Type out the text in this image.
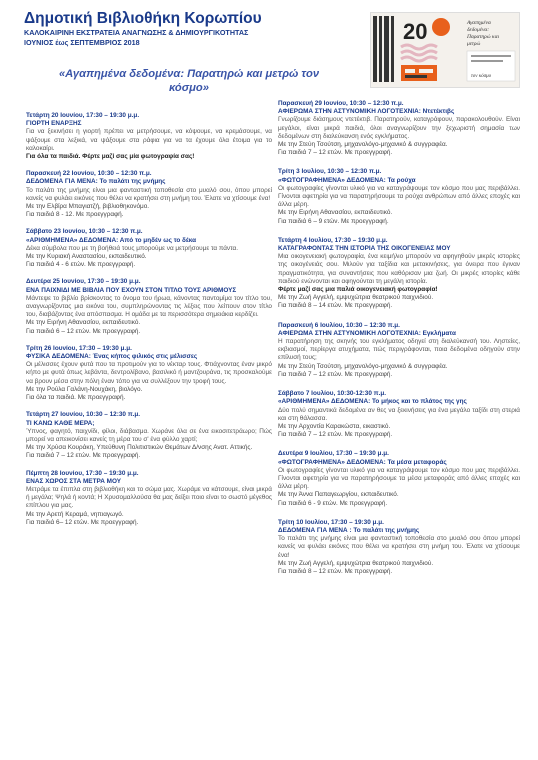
Δημοτική Βιβλιοθήκη Κορωπίου
ΚΑΛΟΚΑΙΡΙΝΗ ΕΚΣΤΡΑΤΕΙΑ ΑΝΑΓΝΩΣΗΣ & ΔΗΜΙΟΥΡΓΙΚΟΤΗΤΑΣ
ΙΟΥΝΙΟΣ έως ΣΕΠΤΕΜΒΡΙΟΣ 2018	20	Αγαπημένα
δεδομένα:
Παρατηρώ και
μετρώ
τον κόσμο
«Αγαπημένα δεδομένα: Παρατηρώ και μετρώ τον κόσμο»
Τετάρτη 20 Ιουνίου, 17:30 – 19:30 μ.μ.
ΓΙΟΡΤΗ ΕΝΑΡΞΗΣ
Για να ξεκινήσει η γιορτή πρέπει να μετρήσουμε, να κόψουμε, να κρεμάσουμε, να ψάξουμε στα λεξικά, να ψάξουμε στα ράφια για να τα έχουμε όλα έτοιμα για το καλοκαίρι.
Για όλα τα παιδιά. Φέρτε μαζί σας μία φωτογραφία σας!
Παρασκευή 22 Ιουνίου, 10:30 – 12:30 π.μ.
ΔΕΔΟΜΕΝΑ ΓΙΑ ΜΕΝΑ: Το παλάτι της μνήμης
Το παλάτι της μνήμης είναι μια φανταστική τοποθεσία στο μυαλό σου, όπου μπορεί κανείς να φυλάει εικόνες που θέλει να κρατήσει στη μνήμη του. Έλατε να χτίσουμε ένα!
Με την Ελβίρα Μπαγιατζή, βιβλιοθηκονόμο.
Για παιδιά 8 - 12. Με προεγγραφή.
Σάββατο 23 Ιουνίου, 10:30 – 12:30 π.μ.
«ΑΡΙΘΜΗΜΕΝΑ» ΔΕΔΟΜΕΝΑ: Από το μηδέν ως το δέκα
Δέκα σύμβολα που με τη βοήθειά τους μπορούμε να μετρήσουμε τα πάντα.
Με την Κυριακή Αναστασίου, εκπαιδευτικό.
Για παιδιά 4 - 6 ετών. Με προεγγραφή.
Δευτέρα 25 Ιουνίου, 17:30 – 19:30 μ.μ.
ΕΝΑ ΠΑΙΧΝΙΔΙ ΜΕ ΒΙΒΛΙΑ ΠΟΥ ΕΧΟΥΝ ΣΤΟΝ ΤΙΤΛΟ ΤΟΥΣ ΑΡΙΘΜΟΥΣ
Μάντεψε το βιβλίο βρίσκοντας το όνομα του ήρωα, κάνοντας παντομίμα τον τίτλο του, αναγνωρίζοντας μια εικόνα του, συμπληρώνοντας τις λέξεις που λείπουν στον τίτλο του, διαβάζοντας ένα απόσπασμα. Η ομάδα με τα περισσότερα σημειάκια κερδίζει.
Με την Ειρήνη Αθανασίου, εκπαιδευτικό.
Για παιδιά 6 – 12 ετών. Με προεγγραφή.
Τρίτη 26 Ιουνίου, 17:30 – 19:30 μ.μ.
ΦΥΣΙΚΑ ΔΕΔΟΜΕΝΑ: Ένας κήπος φιλικός στις μέλισσες
Οι μέλισσες έχουν φυτά που τα προτιμούν για το νέκταρ τους. Φτιάχνοντας έναν μικρό κήπο με φυτά όπως λεβάντα, δεντρολίβανο, βασιλικό ή μαντζουράνα, τις προσκαλούμε να βρουν μέσα στην πόλη έναν τόπο για να συλλέξουν την τροφή τους.
Με την Ρούλα Γαλάνη-Νουχάκη, βιολόγο.
Για όλα τα παιδιά. Με προεγγραφή.
Τετάρτη 27 Ιουνίου, 10:30 – 12:30 π.μ.
ΤΙ ΚΑΝΩ ΚΑΘΕ ΜΕΡΑ;
Ύπνος, φαγητό, παιχνίδι, φίλοι, διάβασμα. Χωράνε όλα σε ένα εικοσιτετράωρο; Πώς μπορεί να απεικονίσει κανείς τη μέρα του σ' ένα φύλλο χαρτί;
Με την Χρύσα Κουράκη, Υπεύθυνη Πολιτιστικών Θεμάτων Δ/νσης Ανατ. Αττικής.
Για παιδιά 7 – 12 ετών. Με προεγγραφή.
Πέμπτη 28 Ιουνίου, 17:30 – 19:30 μ.μ.
ΕΝΑΣ ΧΩΡΟΣ ΣΤΑ ΜΕΤΡΑ ΜΟΥ
Μετράμε τα έπιπλα στη βιβλιοθήκη και το σώμα μας. Χωράμε να κάτσουμε, είναι μικρά ή μεγάλα; Ψηλά ή κοντά; Η Χρυσομαλλούσα θα μας δείξει ποιο είναι το σωστό μέγεθος επίπλου για μας.
Με την Αρετή Κεραμά, νηπιαγωγό.
Για παιδιά 6– 12 ετών. Με προεγγραφή.
Παρασκευή 29 Ιουνίου, 10:30 – 12:30 π.μ.
ΑΦΙΕΡΩΜΑ ΣΤΗΝ ΑΣΤΥΝΟΜΙΚΗ ΛΟΓΟΤΕΧΝΙΑ: Ντετέκτιβς
Γνωρίζουμε διάσημους ντετέκτιβ. Παρατηρούν, καταγράφουν, παρακολουθούν. Είναι μεγάλοι, είναι μικρά παιδιά, όλοι αναγνωρίζουν την ξεχωριστή σημασία των δεδομένων στη διαλεύκανση ενός εγκλήματος.
Με την Στεύη Τσούτση, μηχανολόγο-μηχανικό & συγγραφέα.
Για παιδιά 7 – 12 ετών. Με προεγγραφή.
Τρίτη 3 Ιουλίου, 10:30 – 12:30 π.μ.
«ΦΩΤΟΓΡΑΦΗΜΕΝΑ» ΔΕΔΟΜΕΝΑ: Τα ρούχα
Οι φωτογραφίες γίνονται υλικό για να καταγράψουμε τον κόσμο που μας περιβάλλει. Γίνονται αφετηρία για να παρατηρήσουμε τα ρούχα ανθρώπων από άλλες εποχές και άλλα μέρη.
Με την Ειρήνη Αθανασίου, εκπαιδευτικό.
Για παιδιά 6 – 9 ετών. Με προεγγραφή.
Τετάρτη 4 Ιουλίου, 17:30 – 19:30 μ.μ.
ΚΑΤΑΓΡΑΦΟΝΤΑΣ ΤΗΝ ΙΣΤΟΡΙΑ ΤΗΣ ΟΙΚΟΓΕΝΕΙΑΣ ΜΟΥ
Μια οικογενειακή φωτογραφία, ένα κειμήλιο μπορούν να αφηγηθούν μικρές ιστορίες της οικογένειάς σου. Μιλούν για ταξίδια και μετακινήσεις, για όνειρα που έγιναν πραγματικότητα, για συναντήσεις που καθόρισαν μια ζωή. Οι μικρές ιστορίες κάθε παιδιού ενώνονται και αφηγούνται τη μεγάλη ιστορία.
Φέρτε μαζί σας μια παλιά οικογενειακή φωτογραφία!
Με την Ζωή Αγγελή, εμψυχώτρια θεατρικού παιχνιδιού.
Για παιδιά 8 – 14 ετών. Με προεγγραφή.
Παρασκευή 6 Ιουλίου, 10:30 – 12:30 π.μ.
ΑΦΙΕΡΩΜΑ ΣΤΗΝ ΑΣΤΥΝΟΜΙΚΗ ΛΟΓΟΤΕΧΝΙΑ: Εγκλήματα
Η παρατήρηση της σκηνής του εγκλήματος οδηγεί στη διαλεύκανσή του. Ληστείες, εκβιασμοί, περίεργα ατυχήματα, πώς περιγράφονται, ποια δεδομένα οδηγούν στην επίλυσή τους;
Με την Στεύη Τσούτση, μηχανολόγο-μηχανικό & συγγραφέα.
Για παιδιά 7 – 12 ετών. Με προεγγραφή.
Σάββατο 7 Ιουλίου, 10:30-12:30 π.μ.
«ΑΡΙΘΜΗΜΕΝΑ» ΔΕΔΟΜΕΝΑ: Το μήκος και το πλάτος της γης
Δύο πολύ σημαντικά δεδομένα αν θες να ξεκινήσεις για ένα μεγάλο ταξίδι στη στεριά και στη θάλασσα.
Με την Αρχοντία Καρακώστα, εικαστικό.
Για παιδιά 7 – 12 ετών. Με προεγγραφή.
Δευτέρα 9 Ιουλίου, 17:30 – 19:30 μ.μ.
«ΦΩΤΟΓΡΑΦΗΜΕΝΑ» ΔΕΔΟΜΕΝΑ: Τα μέσα μεταφοράς
Οι φωτογραφίες γίνονται υλικό για να καταγράψουμε τον κόσμο που μας περιβάλλει. Γίνονται αφετηρία για να παρατηρήσουμε τα μέσα μεταφοράς από άλλες εποχές και άλλα μέρη.
Με την Άννα Παπαγεωργίου, εκπαιδευτικό.
Για παιδιά 6 - 9 ετών. Με προεγγραφή.
Τρίτη 10 Ιουλίου, 17:30 – 19:30 μ.μ.
ΔΕΔΟΜΕΝΑ ΓΙΑ ΜΕΝΑ : Το παλάτι της μνήμης
Το παλάτι της μνήμης είναι μια φανταστική τοποθεσία στο μυαλό σου όπου μπορεί κανείς να φυλάει εικόνες που θέλει να κρατήσει στη μνήμη του. Έλατε να χτίσουμε ένα!
Με την Ζωή Αγγελή, εμψυχώτρια θεατρικού παιχνιδιού.
Για παιδιά 8 – 12 ετών. Με προεγγραφή.
